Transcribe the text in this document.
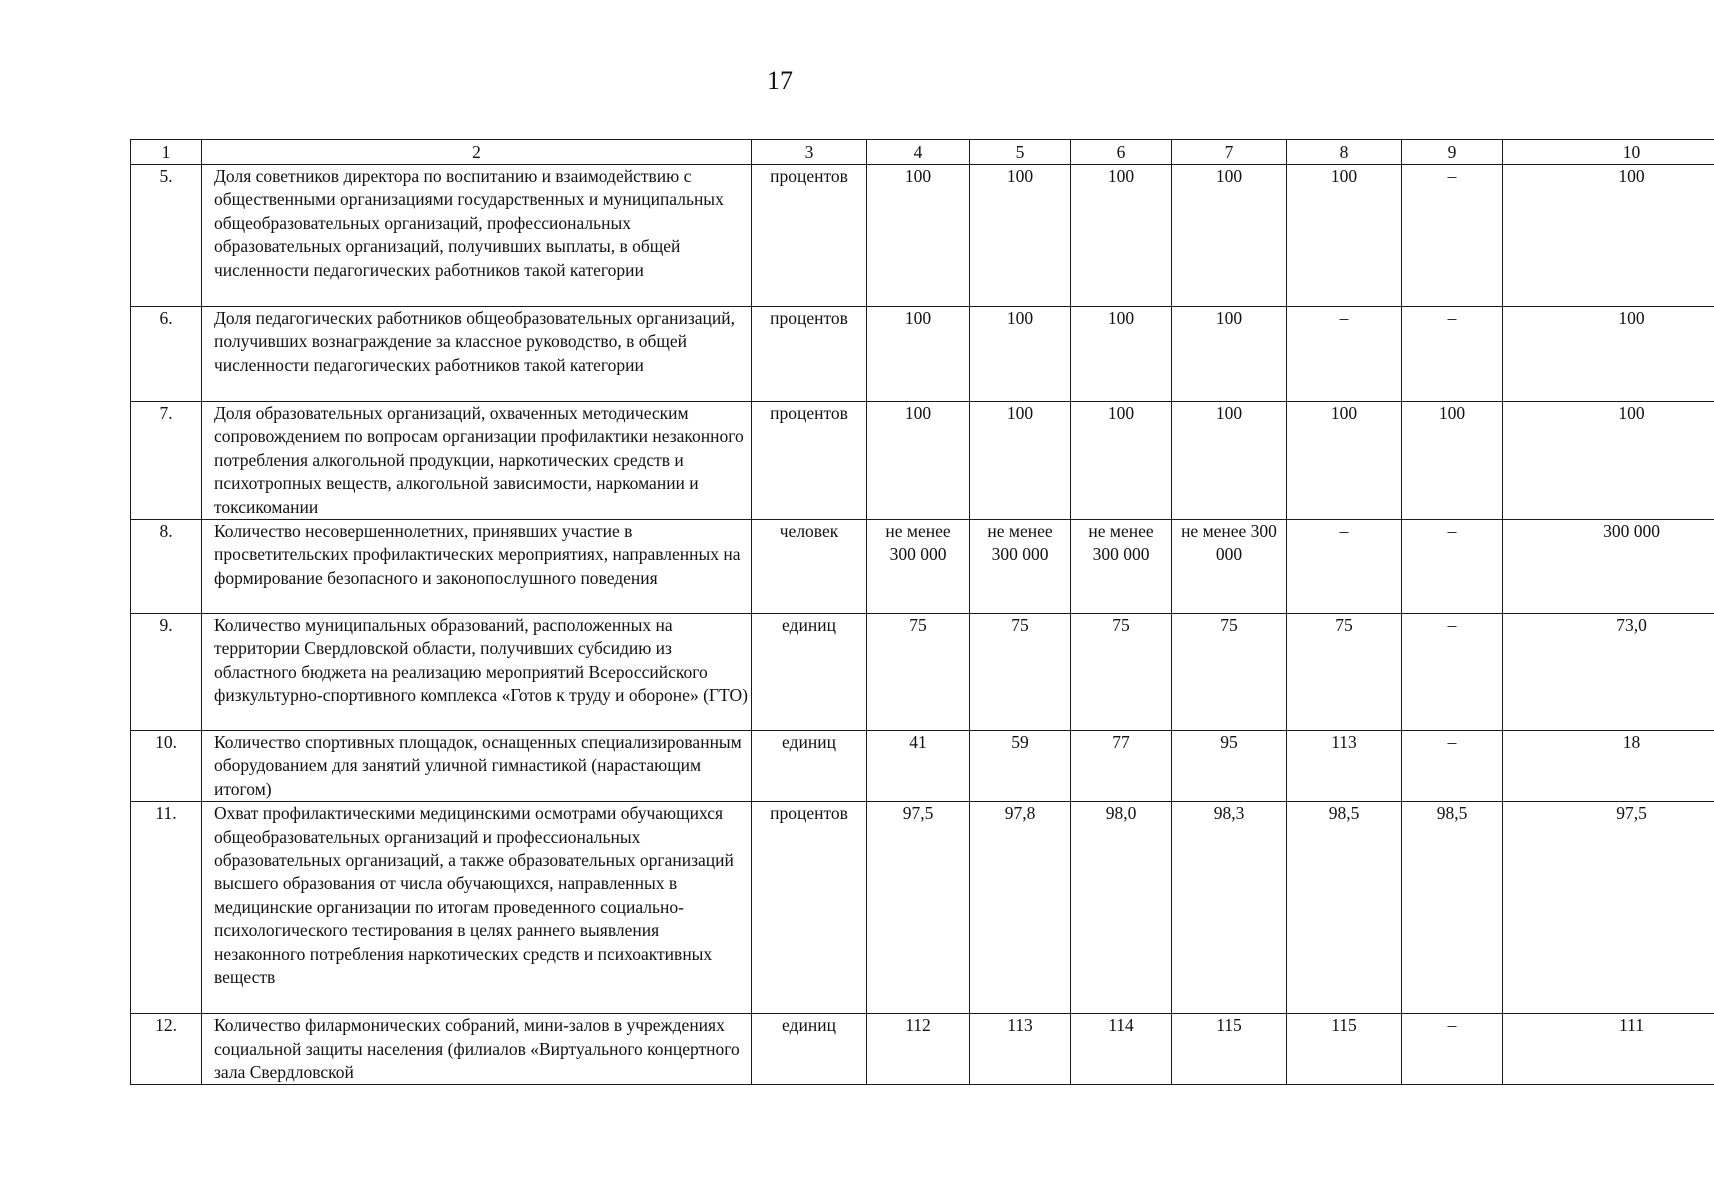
17
1	2	3	4	5	6	7	8	9	10
5.	Доля советников директора по воспитанию и взаимодействию с общественными организациями государственных и муниципальных общеобразовательных организаций, профессиональных образовательных организаций, получивших выплаты, в общей численности педагогических работников такой категории	процентов	100	100	100	100	100	–	100
6.	Доля педагогических работников общеобразовательных организаций, получивших вознаграждение за классное руководство, в общей численности педагогических работников такой категории	процентов	100	100	100	100	–	–	100
7.	Доля образовательных организаций, охваченных методическим сопровождением по вопросам организации профилактики незаконного потребления алкогольной продукции, наркотических средств и психотропных веществ, алкогольной зависимости, наркомании и токсикомании	процентов	100	100	100	100	100	100	100
8.	Количество несовершеннолетних, принявших участие в просветительских профилактических мероприятиях, направленных на формирование безопасного и законопослушного поведения	человек	не менее 300 000	не менее 300 000	не менее 300 000	не менее 300 000	–	–	300 000
9.	Количество муниципальных образований, расположенных на территории Свердловской области, получивших субсидию из областного бюджета на реализацию мероприятий Всероссийского физкультурно-спортивного комплекса «Готов к труду и обороне» (ГТО)	единиц	75	75	75	75	75	–	73,0
10.	Количество спортивных площадок, оснащенных специализированным оборудованием для занятий уличной гимнастикой (нарастающим итогом)	единиц	41	59	77	95	113	–	18
11.	Охват профилактическими медицинскими осмотрами обучающихся общеобразовательных организаций и профессиональных образовательных организаций, а также образовательных организаций высшего образования от числа обучающихся, направленных в медицинские организации по итогам проведенного социально-психологического тестирования в целях раннего выявления незаконного потребления наркотических средств и психоактивных веществ	процентов	97,5	97,8	98,0	98,3	98,5	98,5	97,5
12.	Количество филармонических собраний, мини-залов в учреждениях социальной защиты населения (филиалов «Виртуального концертного зала Свердловской	единиц	112	113	114	115	115	–	111
